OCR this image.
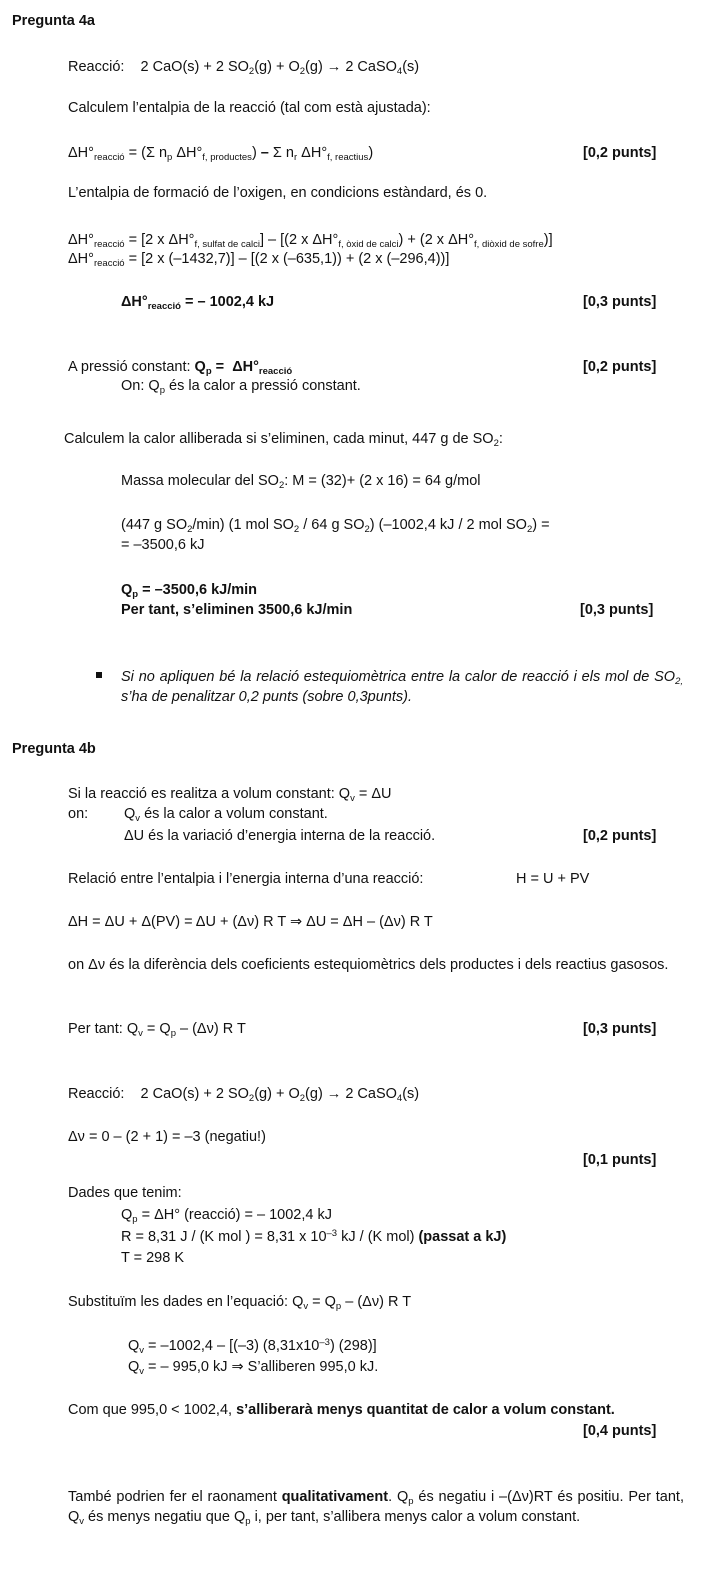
Pregunta 4a
Reacció:    2 CaO(s) + 2 $SO_2(g) + O_2(g) \to 2$ CaSO$_4$(s)
Calculem l’entalpia de la reacció (tal com està ajustada):
$\Delta H^\circ_{reacció} = (\Sigma$ $n_p$ $\Delta H^\circ_{f, productes}$) – Σ $n_r$ $\Delta H^\circ_{f, reactius}$)	[0,2 punts]
L’entalpia de formació de l’oxigen, en condicions estàndard, és 0.
$\Delta H^\circ_{reacció} = [2$ x $\Delta H^\circ_{f, sulfat de calci}] - [(2$ x $\Delta H^\circ_{f, òxid de calci}) + (2$ x $\Delta H^\circ_{f, diòxid de sofre}$)]
$\Delta H^\circ_{reacció} = [2$ x (–1432,7)] – [(2 x (–635,1)) + (2 x (–296,4))]
$\Delta H^\circ_{reacció}$ = – 1002,4 kJ	[0,3 punts]
A pressió constant: $Q_p = \Delta H^\circ_{reacció}$	[0,2 punts]
On: $Q_p$ és la calor a pressió constant.
Calculem la calor alliberada si s’eliminen, cada minut, 447 g de $SO_2$:
Massa molecular del $SO_2$: M = (32)+ (2 x 16) = 64 g/mol
(447 g $SO_2/\min$) (1 mol $SO_2 / 64$ g $SO_2$) (–1002,4 kJ / 2 mol $SO_2$) =
= –3500,6 kJ
$Q_p = -3500,6$ kJ/min
Per tant, s’eliminen 3500,6 kJ/min	[0,3 punts]
Si no apliquen bé la relació estequiomètrica entre la calor de reacció i els mol de $SO_{2,}$ s’ha de penalitzar 0,2 punts (sobre 0,3punts).
Pregunta 4b
Si la reacció es realitza a volum constant: $Q_v = \Delta U$
on: $Q_v$ és la calor a volum constant.
ΔU és la variació d’energia interna de la reacció.	[0,2 punts]
Relació entre l’entalpia i l’energia interna d’una reacció:	H = U + PV
ΔH = ΔU + Δ(PV) = ΔU + (Δν) R T ⇒ ΔU = ΔH – (Δν) R T
on Δν és la diferència dels coeficients estequiomètrics dels productes i dels reactius gasosos.
Per tant: $Q_v = Q_p - (\Delta\nu)$ R T	[0,3 punts]
Reacció:    2 CaO(s) + 2 $SO_2(g) + O_2(g) \to 2$ CaSO$_4$(s)
Δν = 0 – (2 + 1) = –3 (negatiu!)
[0,1 punts]
Dades que tenim:
$Q_p = \Delta H^\circ$ (reacció) = – 1002,4 kJ
R = 8,31 J / (K mol ) = 8,31 x $10^{-3}$ kJ / (K mol) (passat a kJ)
T = 298 K
Substituïm les dades en l’equació: $Q_v = Q_p - (\Delta\nu)$ R T
$Q_v = -1002,4 - [(-3)$ $(8,31x10^{-3})$ (298)]
$Q_v$ = – 995,0 kJ ⇒ S’alliberen 995,0 kJ.
Com que 995,0 < 1002,4, s’alliberarà menys quantitat de calor a volum constant.
[0,4 punts]
També podrien fer el raonament qualitativament. $Q_p$ és negatiu i –(Δν)RT és positiu. Per tant, $Q_v$ és menys negatiu que $Q_p$ i, per tant, s’allibera menys calor a volum constant.
